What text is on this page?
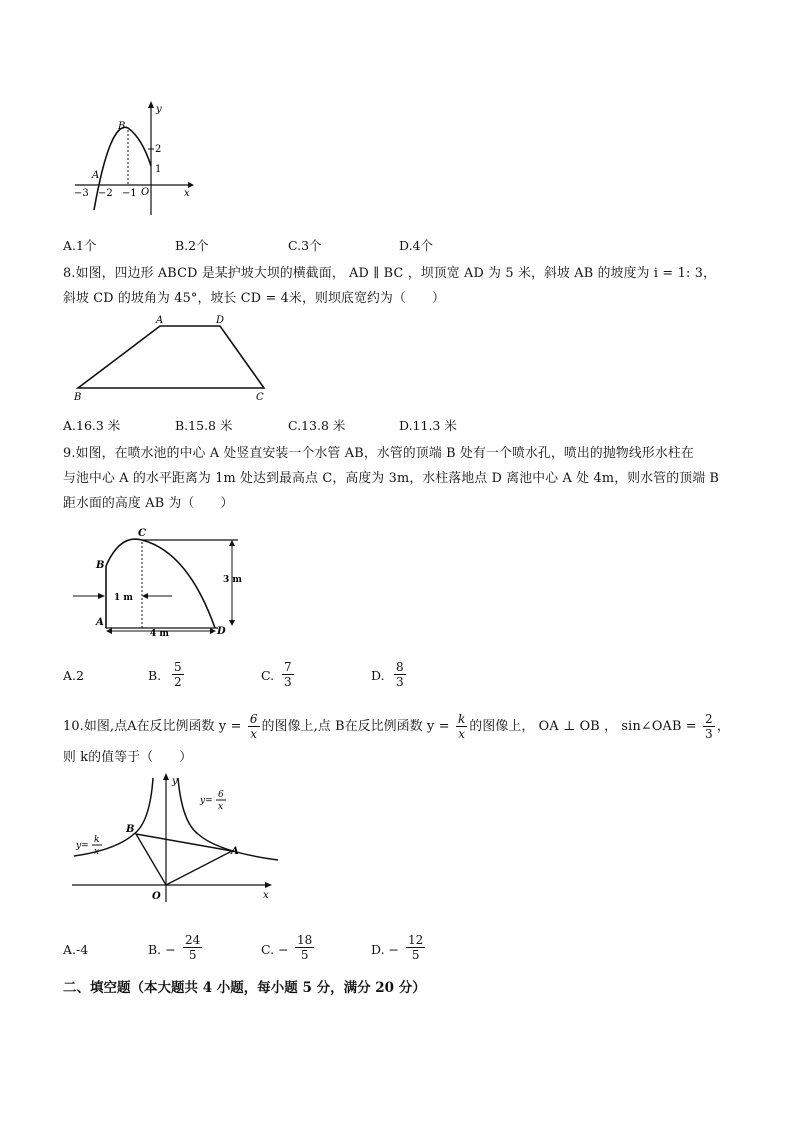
y
x
B
A
O
2
1
−3 −2 −1
A.1个	B.2个	C.3个	D.4个
8.如图，四边形 ABCD 是某护坡大坝的横截面， AD ∥ BC ，坝顶宽 AD 为 5 米，斜坡 AB 的坡度为 i = 1: 3，
斜坡 CD 的坡角为 45°，坡长 CD = 4米，则坝底宽约为（　　）
A	D
B	C
A.16.3 米	B.15.8 米	C.13.8 米	D.11.3 米
9.如图，在喷水池的中心 A 处竖直安装一个水管 AB，水管的顶端 B 处有一个喷水孔，喷出的抛物线形水柱在
与池中心 A 的水平距离为 1m 处达到最高点 C，高度为 3m，水柱落地点 D 离池中心 A 处 4m，则水管的顶端 B
距水面的高度 AB 为（　　）
C
B
A
D
3 m
1 m
4 m
A.2	B.	C.	D.
$\frac{5}{2}$	$\frac{7}{3}$	$\frac{8}{3}$
10.如图,点A在反比例函数 $y = \frac{6}{x}$ 的图像上,点 B在反比例函数 $y = \frac{k}{x}$ 的图像上， OA ⊥ OB ， sin∠OAB = $\frac{2}{3}$ ，
则 k的值等于（　　）
y
x
O
A
B
y=
k
x
y=
6
x
A.-4	B. −	C. −	D. −
$\frac{24}{5}$	$\frac{18}{5}$	$\frac{12}{5}$
二、填空题（本大题共 4 小题，每小题 5 分，满分 20 分）
